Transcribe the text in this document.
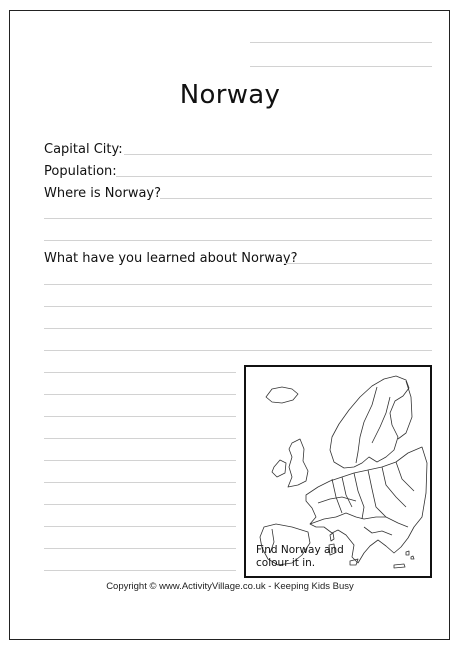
Norway
Capital City:
Population:
Where is Norway?
What have you learned about Norway?
Find Norway and colour it in.
Copyright © www.ActivityVillage.co.uk - Keeping Kids Busy
